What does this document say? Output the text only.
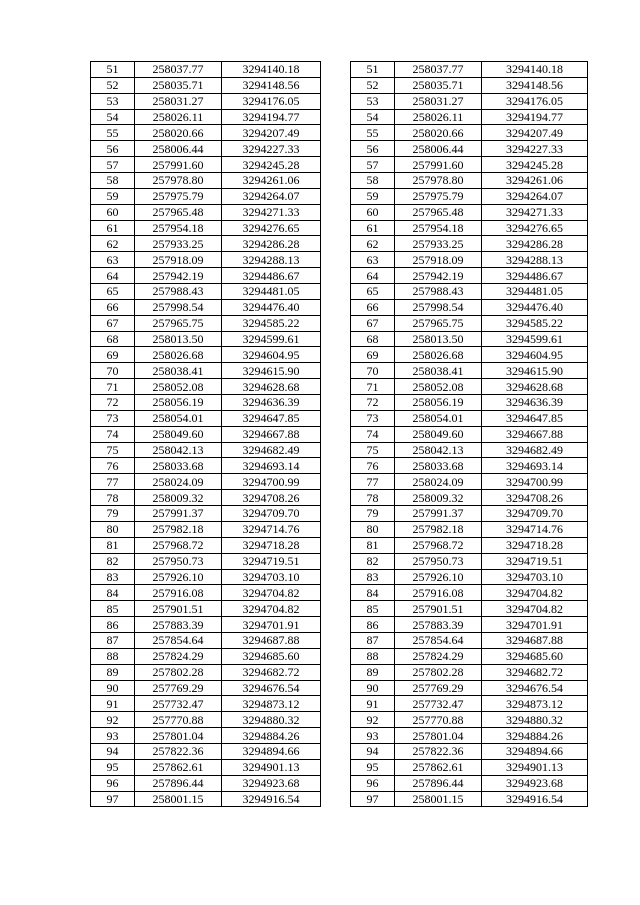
51	258037.77	3294140.18
52	258035.71	3294148.56
53	258031.27	3294176.05
54	258026.11	3294194.77
55	258020.66	3294207.49
56	258006.44	3294227.33
57	257991.60	3294245.28
58	257978.80	3294261.06
59	257975.79	3294264.07
60	257965.48	3294271.33
61	257954.18	3294276.65
62	257933.25	3294286.28
63	257918.09	3294288.13
64	257942.19	3294486.67
65	257988.43	3294481.05
66	257998.54	3294476.40
67	257965.75	3294585.22
68	258013.50	3294599.61
69	258026.68	3294604.95
70	258038.41	3294615.90
71	258052.08	3294628.68
72	258056.19	3294636.39
73	258054.01	3294647.85
74	258049.60	3294667.88
75	258042.13	3294682.49
76	258033.68	3294693.14
77	258024.09	3294700.99
78	258009.32	3294708.26
79	257991.37	3294709.70
80	257982.18	3294714.76
81	257968.72	3294718.28
82	257950.73	3294719.51
83	257926.10	3294703.10
84	257916.08	3294704.82
85	257901.51	3294704.82
86	257883.39	3294701.91
87	257854.64	3294687.88
88	257824.29	3294685.60
89	257802.28	3294682.72
90	257769.29	3294676.54
91	257732.47	3294873.12
92	257770.88	3294880.32
93	257801.04	3294884.26
94	257822.36	3294894.66
95	257862.61	3294901.13
96	257896.44	3294923.68
97	258001.15	3294916.54
51	258037.77	3294140.18
52	258035.71	3294148.56
53	258031.27	3294176.05
54	258026.11	3294194.77
55	258020.66	3294207.49
56	258006.44	3294227.33
57	257991.60	3294245.28
58	257978.80	3294261.06
59	257975.79	3294264.07
60	257965.48	3294271.33
61	257954.18	3294276.65
62	257933.25	3294286.28
63	257918.09	3294288.13
64	257942.19	3294486.67
65	257988.43	3294481.05
66	257998.54	3294476.40
67	257965.75	3294585.22
68	258013.50	3294599.61
69	258026.68	3294604.95
70	258038.41	3294615.90
71	258052.08	3294628.68
72	258056.19	3294636.39
73	258054.01	3294647.85
74	258049.60	3294667.88
75	258042.13	3294682.49
76	258033.68	3294693.14
77	258024.09	3294700.99
78	258009.32	3294708.26
79	257991.37	3294709.70
80	257982.18	3294714.76
81	257968.72	3294718.28
82	257950.73	3294719.51
83	257926.10	3294703.10
84	257916.08	3294704.82
85	257901.51	3294704.82
86	257883.39	3294701.91
87	257854.64	3294687.88
88	257824.29	3294685.60
89	257802.28	3294682.72
90	257769.29	3294676.54
91	257732.47	3294873.12
92	257770.88	3294880.32
93	257801.04	3294884.26
94	257822.36	3294894.66
95	257862.61	3294901.13
96	257896.44	3294923.68
97	258001.15	3294916.54
